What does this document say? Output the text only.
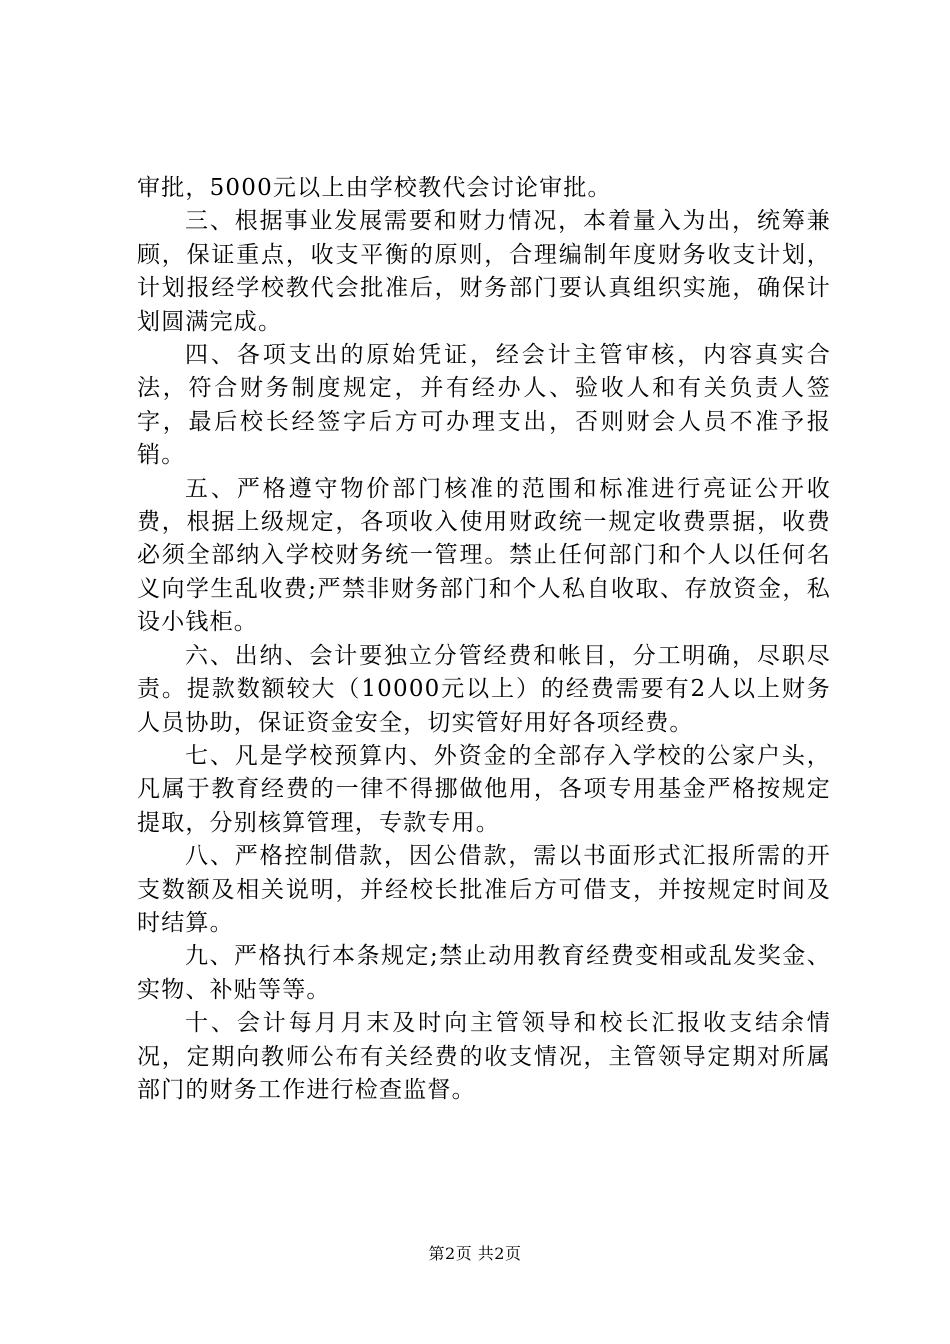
审批，5000元以上由学校教代会讨论审批。

三、根据事业发展需要和财力情况，本着量入为出，统筹兼顾，保证重点，收支平衡的原则，合理编制年度财务收支计划，计划报经学校教代会批准后，财务部门要认真组织实施，确保计划圆满完成。

四、各项支出的原始凭证，经会计主管审核，内容真实合法，符合财务制度规定，并有经办人、验收人和有关负责人签字，最后校长经签字后方可办理支出，否则财会人员不准予报销。

五、严格遵守物价部门核准的范围和标准进行亮证公开收费，根据上级规定，各项收入使用财政统一规定收费票据，收费必须全部纳入学校财务统一管理。禁止任何部门和个人以任何名义向学生乱收费;严禁非财务部门和个人私自收取、存放资金，私设小钱柜。

六、出纳、会计要独立分管经费和帐目，分工明确，尽职尽责。提款数额较大（10000元以上）的经费需要有2人以上财务人员协助，保证资金安全，切实管好用好各项经费。

七、凡是学校预算内、外资金的全部存入学校的公家户头，凡属于教育经费的一律不得挪做他用，各项专用基金严格按规定提取，分别核算管理，专款专用。

八、严格控制借款，因公借款，需以书面形式汇报所需的开支数额及相关说明，并经校长批准后方可借支，并按规定时间及时结算。

九、严格执行本条规定;禁止动用教育经费变相或乱发奖金、实物、补贴等等。

十、会计每月月末及时向主管领导和校长汇报收支结余情况，定期向教师公布有关经费的收支情况，主管领导定期对所属部门的财务工作进行检查监督。

第2页 共2页
